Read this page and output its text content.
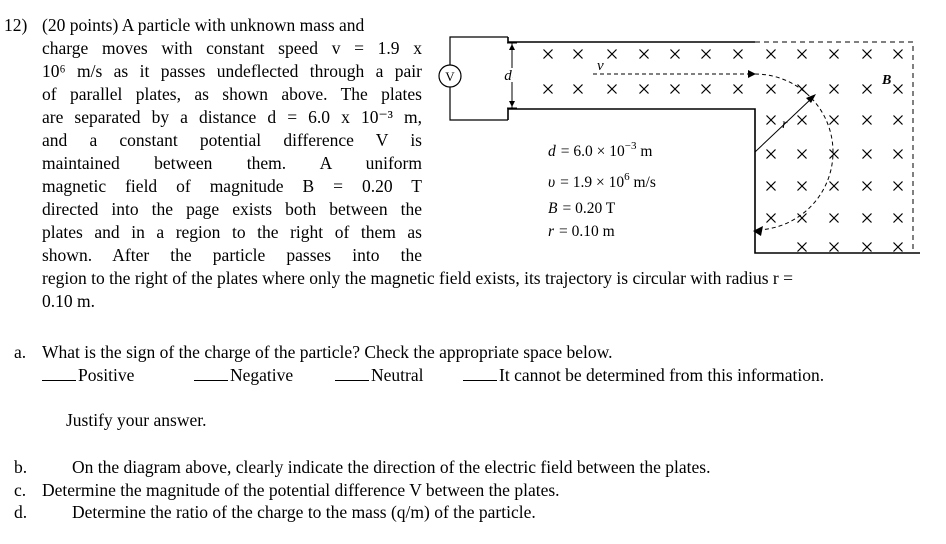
12) (20 points) A particle with unknown mass and
charge moves with constant speed v = 1.9 x
10⁶ m/s as it passes undeflected through a pair
of parallel plates, as shown above. The plates
are separated by a distance d = 6.0 x 10⁻³ m,
and a constant potential difference V is
maintained between them. A uniform
magnetic field of magnitude B = 0.20 T
directed into the page exists both between the
plates and in a region to the right of them as
shown. After the particle passes into the
region to the right of the plates where only the magnetic field exists, its trajectory is circular with radius r =
0.10 m.
V	d
r
v
B
$d = 6.0 \times 10^{-3}$ m
$\upsilon = 1.9 \times 10^6$ m/s
B = 0.20 T
r = 0.10 m
a. What is the sign of the charge of the particle? Check the appropriate space below.
Positive	Negative	Neutral	It cannot be determined from this information.
Justify your answer.
b.	On the diagram above, clearly indicate the direction of the electric field between the plates.
c. Determine the magnitude of the potential difference V between the plates.
d.	Determine the ratio of the charge to the mass (q/m) of the particle.
